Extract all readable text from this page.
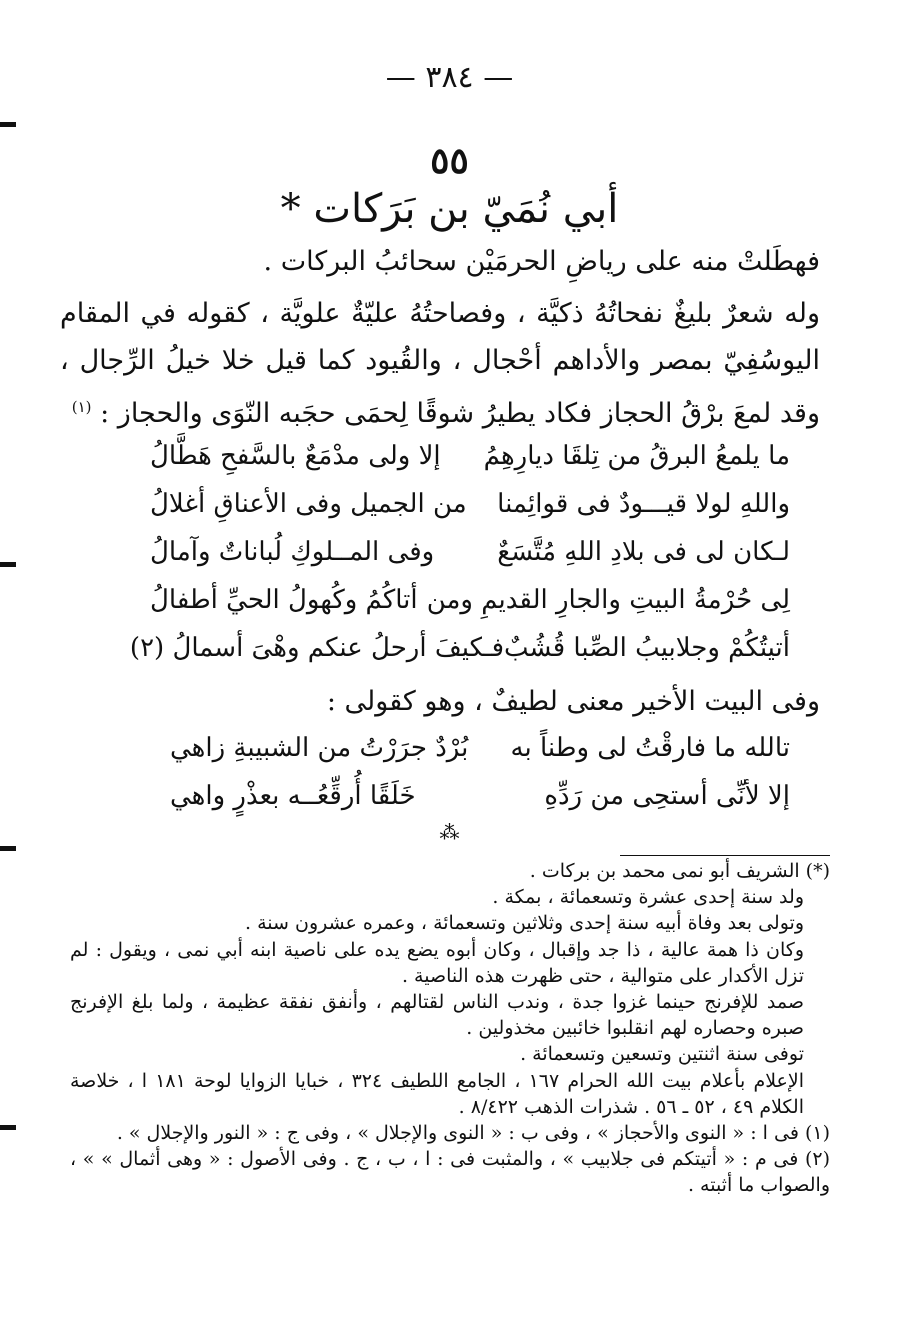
— ٣٨٤ —
٥٥
أبي نُمَيّ بن بَرَكات *
فهطَلتْ منه على رياضِ الحرمَيْن سحائبُ البركات .
وله شعرٌ بليغٌ نفحاتُهُ ذكيَّة ، وفصاحتُهُ عليّةٌ علويَّة ، كقوله في المقام اليوسُفِيّ بمصر والأداهم أحْجال ، والقُيود كما قيل خلا خيلُ الرِّجال ، وقد لمعَ برْقُ الحجاز فكاد يطيرُ شوقًا لِحمَى حجَبه النّوَى والحجاز : $^{(١)}$
ما يلمعُ البرقُ من تِلقَا ديارِهِمُ
إلا ولى مدْمَعٌ بالسَّفحِ هَطَّالُ
واللهِ لولا قيـــودٌ فى قوائِمنا
من الجميل وفى الأعناقِ أغلالُ
لـكان لى فى بلادِ اللهِ مُتَّسَعٌ
وفى المــلوكِ لُباناتٌ وآمالُ
لِى حُرْمةُ البيتِ والجارِ القديمِ ومن
أتاكُمُ وكُهولُ الحيِّ أطفالُ
أتيتُكُمْ وجلابيبُ الصِّبا قُشُبٌ
فـكيفَ أرحلُ عنكم وهْىَ أسمالُ (٢)
وفى البيت الأخير معنى لطيفٌ ، وهو كقولى :
تالله ما فارقْتُ لى وطناً به
بُرْدٌ جرَرْتُ من الشبيبةِ زاهي
إلا لأنِّى أستحِى من رَدِّهِ
خَلَقًا أُرقِّعُــه بعذْرٍ واهي
⁂

(*) الشريف أبو نمى محمد بن بركات .

ولد سنة إحدى عشرة وتسعمائة ، بمكة .

وتولى بعد وفاة أبيه سنة إحدى وثلاثين وتسعمائة ، وعمره عشرون سنة .

وكان ذا همة عالية ، ذا جد وإقبال ، وكان أبوه يضع يده على ناصية ابنه أبي نمى ، ويقول : لم تزل الأكدار على متوالية ، حتى ظهرت هذه الناصية .

صمد للإفرنج حينما غزوا جدة ، وندب الناس لقتالهم ، وأنفق نفقة عظيمة ، ولما بلغ الإفرنج صبره وحصاره لهم انقلبوا خائبين مخذولين .

توفى سنة اثنتين وتسعين وتسعمائة .

الإعلام بأعلام بيت الله الحرام ١٦٧ ، الجامع اللطيف ٣٢٤ ، خبايا الزوايا لوحة ١٨١ ا ، خلاصة الكلام ٤٩ ، ٥٢ ـ ٥٦ . شذرات الذهب ٨/٤٢٢ .

(١) فى ا : « النوى والأحجاز » ، وفى ب : « النوى والإجلال » ، وفى ج : « النور والإجلال » .

(٢) فى م : « أتيتكم فى جلابيب » ، والمثبت فى : ا ، ب ، ج . وفى الأصول : « وهى أثمال » » ، والصواب ما أثبته .
